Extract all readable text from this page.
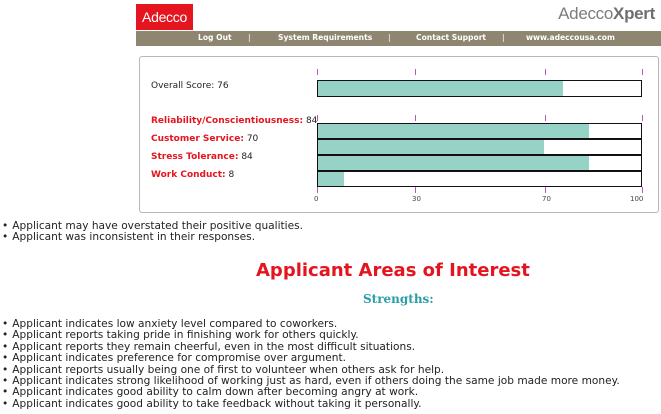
Adecco	AdeccoXpert
Log Out |	System Requirements |	Contact Support |	www.adeccousa.com
Overall Score: 76
Reliability/Conscientiousness: 84
Customer Service: 70
Stress Tolerance: 84
Work Conduct: 8
0	30	70	100
• Applicant may have overstated their positive qualities.
• Applicant was inconsistent in their responses.
Applicant Areas of Interest
Strengths:
• Applicant indicates low anxiety level compared to coworkers.
• Applicant reports taking pride in finishing work for others quickly.
• Applicant reports they remain cheerful, even in the most difficult situations.
• Applicant indicates preference for compromise over argument.
• Applicant reports usually being one of first to volunteer when others ask for help.
• Applicant indicates strong likelihood of working just as hard, even if others doing the same job made more money.
• Applicant indicates good ability to calm down after becoming angry at work.
• Applicant indicates good ability to take feedback without taking it personally.
